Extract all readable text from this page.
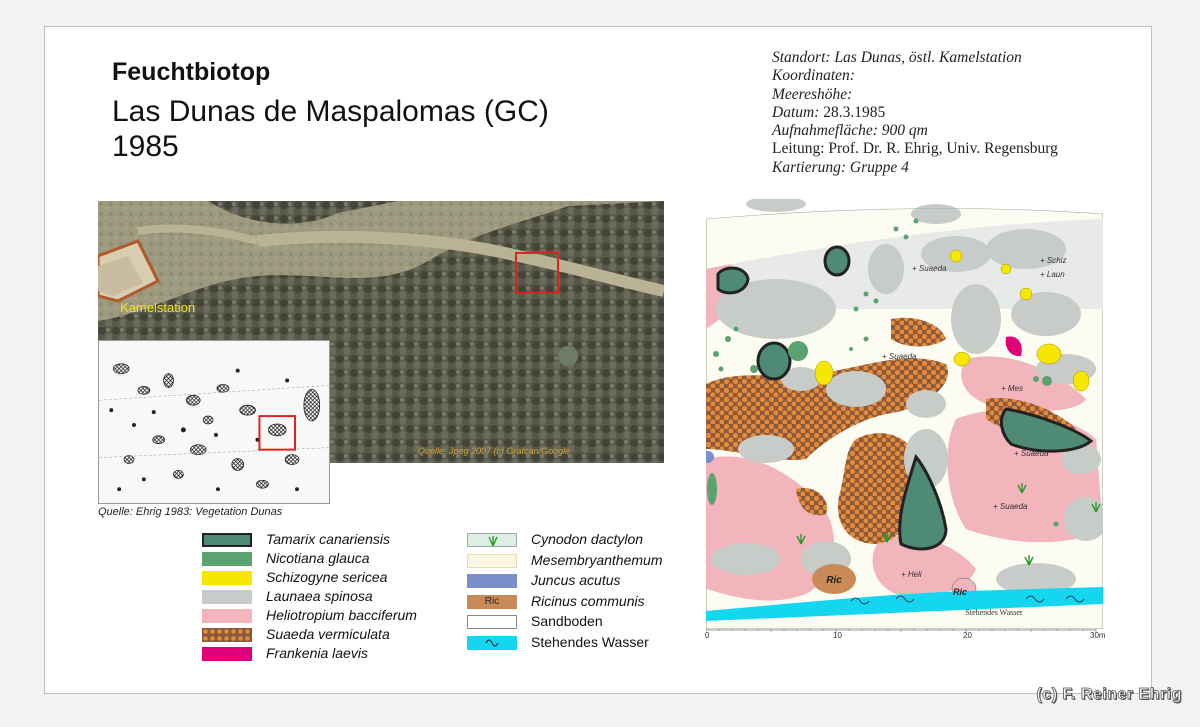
Feuchtbiotop
Las Dunas de Maspalomas (GC)
1985
Standort: Las Dunas, östl. Kamelstation
Koordinaten:
Meereshöhe:
Datum: 28.3.1985
Aufnahmefläche: 900 qm
Leitung: Prof. Dr. R. Ehrig, Univ. Regensburg
Kartierung: Gruppe 4
Kamelstation
Quelle: Jpeg 2007 (c) Grafcan/Google
Quelle: Ehrig 1983: Vegetation Dunas
Tamarix canariensis
Nicotiana glauca
Schizogyne sericea
Launaea spinosa
Heliotropium bacciferum
Suaeda vermiculata
Frankenia laevis
Cynodon dactylon
Mesembryanthemum
Juncus acutus
Ric	Ricinus communis
Sandboden
Stehendes Wasser
+ Suaeda
+ Schiz
+ Laun
+ Suaeda
+ Mes
+ Suaeda
+ Suaeda
+ Heli
Ric
Ric
Stehendes Wasser
0	10	20	30m
(c) F. Reiner Ehrig
